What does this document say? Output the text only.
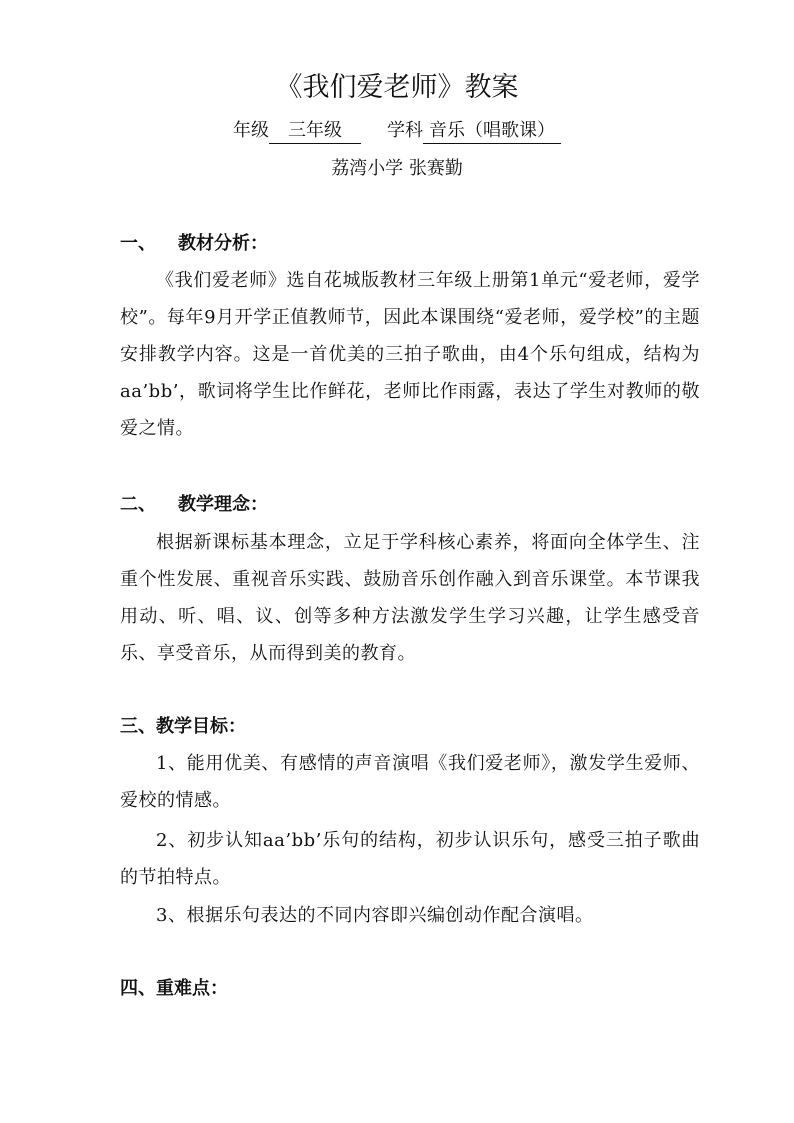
《我们爱老师》教案
年级 三年级	学科 音乐（唱歌课）
荔湾小学 张赛勤
一、 教材分析：
《我们爱老师》选自花城版教材三年级上册第1单元“爱老师，爱学校”。每年9月开学正值教师节，因此本课围绕“爱老师，爱学校”的主题安排教学内容。这是一首优美的三拍子歌曲，由4个乐句组成，结构为aa’bb’，歌词将学生比作鲜花，老师比作雨露，表达了学生对教师的敬爱之情。
二、 教学理念：
根据新课标基本理念，立足于学科核心素养，将面向全体学生、注重个性发展、重视音乐实践、鼓励音乐创作融入到音乐课堂。本节课我用动、听、唱、议、创等多种方法激发学生学习兴趣，让学生感受音乐、享受音乐，从而得到美的教育。
三、教学目标：
1、能用优美、有感情的声音演唱《我们爱老师》，激发学生爱师、爱校的情感。
2、初步认知aa’bb’乐句的结构，初步认识乐句，感受三拍子歌曲的节拍特点。
3、根据乐句表达的不同内容即兴编创动作配合演唱。
四、重难点：
